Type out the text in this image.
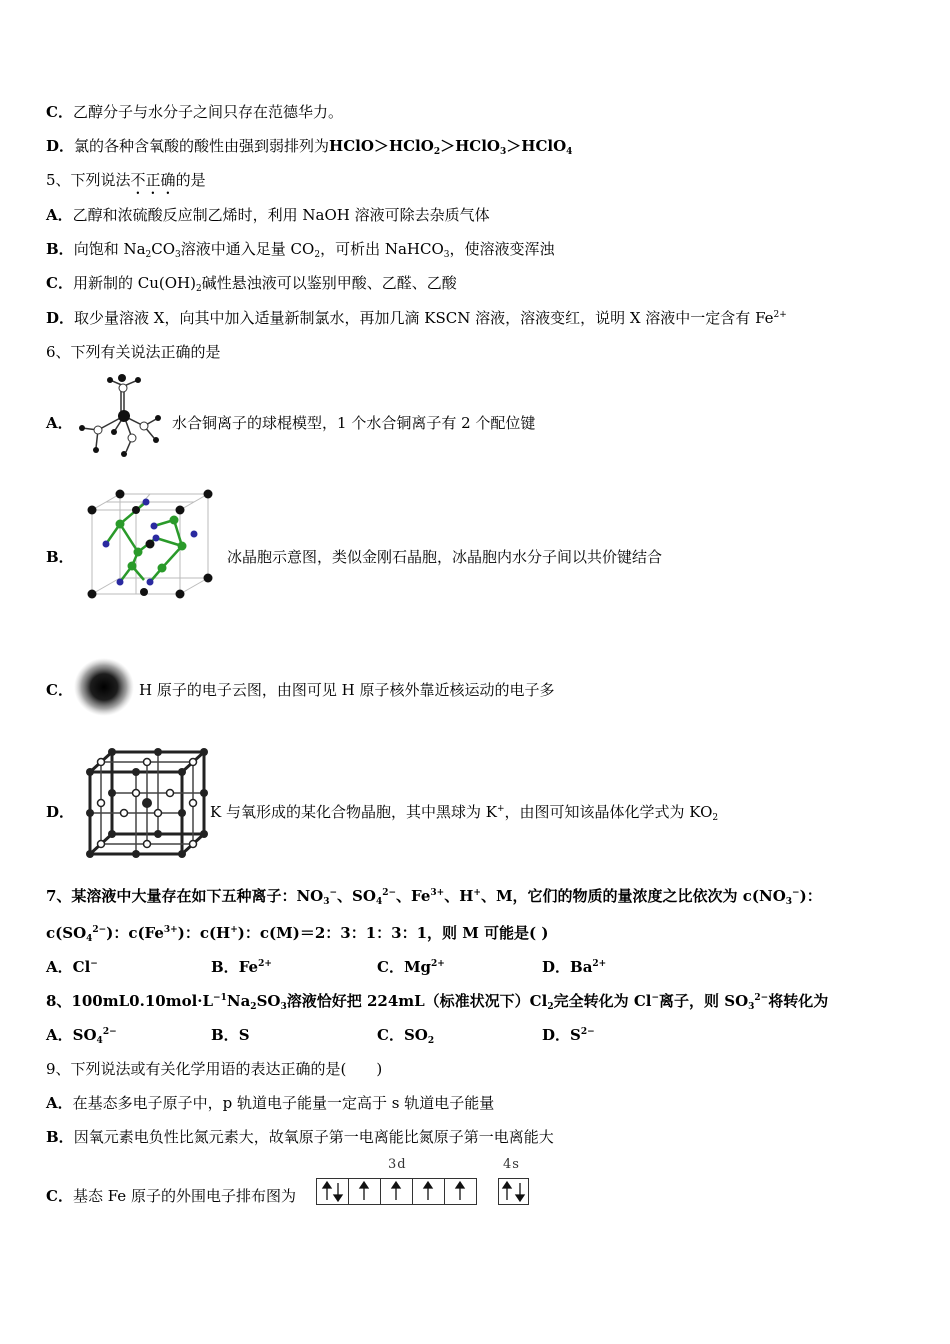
C．乙醇分子与水分子之间只存在范德华力。
D．氯的各种含氧酸的酸性由强到弱排列为HClO＞HClO$_2$＞HClO$_3$＞HClO$_4$
5、下列说法不正确的是
A．乙醇和浓硫酸反应制乙烯时，利用 NaOH 溶液可除去杂质气体
B．向饱和 $Na_2CO_3$溶液中通入足量 $CO_2$，可析出 NaHCO$_3$，使溶液变浑浊
C．用新制的 $Cu(OH)_2$碱性悬浊液可以鉴别甲酸、乙醛、乙酸
D．取少量溶液 X，向其中加入适量新制氯水，再加几滴 KSCN 溶液，溶液变红，说明 X 溶液中一定含有 $Fe^{2+}$
6、下列有关说法正确的是
A．	水合铜离子的球棍模型，1 个水合铜离子有 2 个配位键
B．	冰晶胞示意图，类似金刚石晶胞，冰晶胞内水分子间以共价键结合
C．	H 原子的电子云图，由图可见 H 原子核外靠近核运动的电子多
D．	K 与氧形成的某化合物晶胞，其中黑球为 K+，由图可知该晶体化学式为 $KO_2$
7、某溶液中大量存在如下五种离子：$NO_3^-$、$SO_4^{2-}$、$Fe^{3+}$、H+、M，它们的物质的量浓度之比依次为 $c(NO_3^-)$：
$c(SO_4^{2-})$：$c(Fe^{3+})$：c(H+)：c(M)＝2：3：1：3：1，则 M 可能是( )
A．Cl−	B．$Fe^{2+}$	C．$Mg^{2+}$	D．$Ba^{2+}$
8、$100mL0.10mol\cdot L^{-1}Na_2SO_3$溶液恰好把 224mL（标准状况下）$Cl_2$完全转化为 Cl−离子，则 $SO_3^{2-}$将转化为
A．$SO_4^{2-}$	B．S	C．$SO_2$	D．$S^{2-}$
9、下列说法或有关化学用语的表达正确的是(　　)
A．在基态多电子原子中，p 轨道电子能量一定高于 s 轨道电子能量
B．因氧元素电负性比氮元素大，故氧原子第一电离能比氮原子第一电离能大
C．基态 Fe 原子的外围电子排布图为
3d	4s
